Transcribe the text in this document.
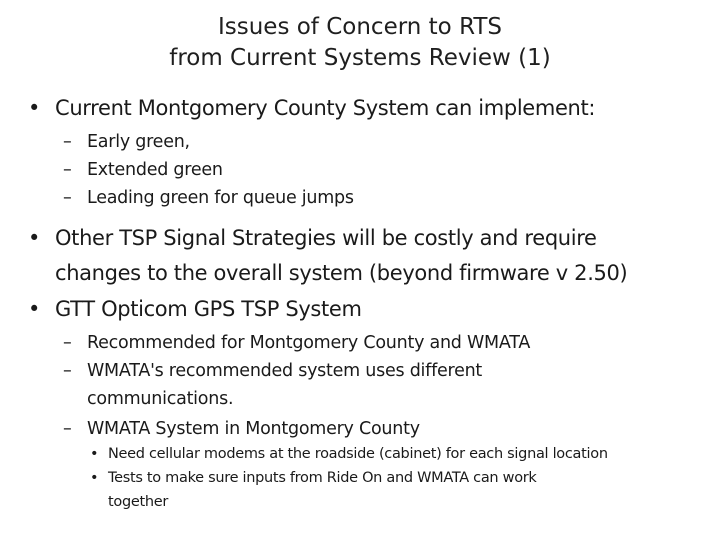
Issues of Concern to RTS
from Current Systems Review (1)
• Current Montgomery County System can implement:
– Early green,
– Extended green
– Leading green for queue jumps
• Other TSP Signal Strategies will be costly and require
changes to the overall system (beyond firmware v 2.50)
• GTT Opticom GPS TSP System
– Recommended for Montgomery County and WMATA
– WMATA's recommended system uses different
communications.
– WMATA System in Montgomery County
• Need cellular modems at the roadside (cabinet) for each signal location
• Tests to make sure inputs from Ride On and WMATA can work
together
